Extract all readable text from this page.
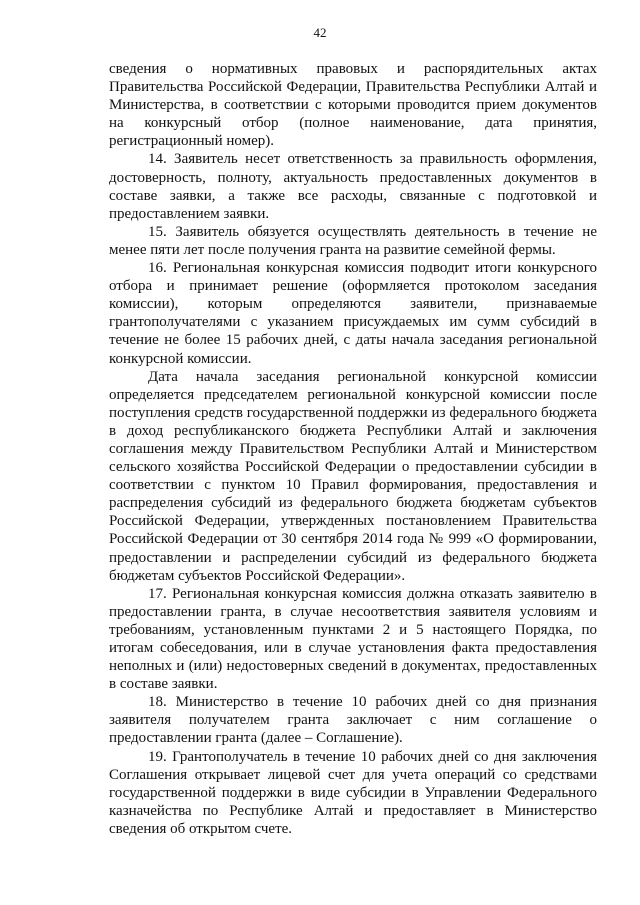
42

сведения о нормативных правовых и распорядительных актах Правительства Российской Федерации, Правительства Республики Алтай и Министерства, в соответствии с которыми проводится прием документов на конкурсный отбор (полное наименование, дата принятия, регистрационный номер).

14. Заявитель несет ответственность за правильность оформления, достоверность, полноту, актуальность предоставленных документов в составе заявки, а также все расходы, связанные с подготовкой и предоставлением заявки.

15. Заявитель обязуется осуществлять деятельность в течение не менее пяти лет после получения гранта на развитие семейной фермы.

16. Региональная конкурсная комиссия подводит итоги конкурсного отбора и принимает решение (оформляется протоколом заседания комиссии), которым определяются заявители, признаваемые грантополучателями с указанием присуждаемых им сумм субсидий в течение не более 15 рабочих дней, с даты начала заседания региональной конкурсной комиссии.

Дата начала заседания региональной конкурсной комиссии определяется председателем региональной конкурсной комиссии после поступления средств государственной поддержки из федерального бюджета в доход республиканского бюджета Республики Алтай и заключения соглашения между Правительством Республики Алтай и Министерством сельского хозяйства Российской Федерации о предоставлении субсидии в соответствии с пунктом 10 Правил формирования, предоставления и распределения субсидий из федерального бюджета бюджетам субъектов Российской Федерации, утвержденных постановлением Правительства Российской Федерации от 30 сентября 2014 года № 999 «О формировании, предоставлении и распределении субсидий из федерального бюджета бюджетам субъектов Российской Федерации».

17. Региональная конкурсная комиссия должна отказать заявителю в предоставлении гранта, в случае несоответствия заявителя условиям и требованиям, установленным пунктами 2 и 5 настоящего Порядка, по итогам собеседования, или в случае установления факта предоставления неполных и (или) недостоверных сведений в документах, предоставленных в составе заявки.

18. Министерство в течение 10 рабочих дней со дня признания заявителя получателем гранта заключает с ним соглашение о предоставлении гранта (далее – Соглашение).

19. Грантополучатель в течение 10 рабочих дней со дня заключения Соглашения открывает лицевой счет для учета операций со средствами государственной поддержки в виде субсидии в Управлении Федерального казначейства по Республике Алтай и предоставляет в Министерство сведения об открытом счете.
